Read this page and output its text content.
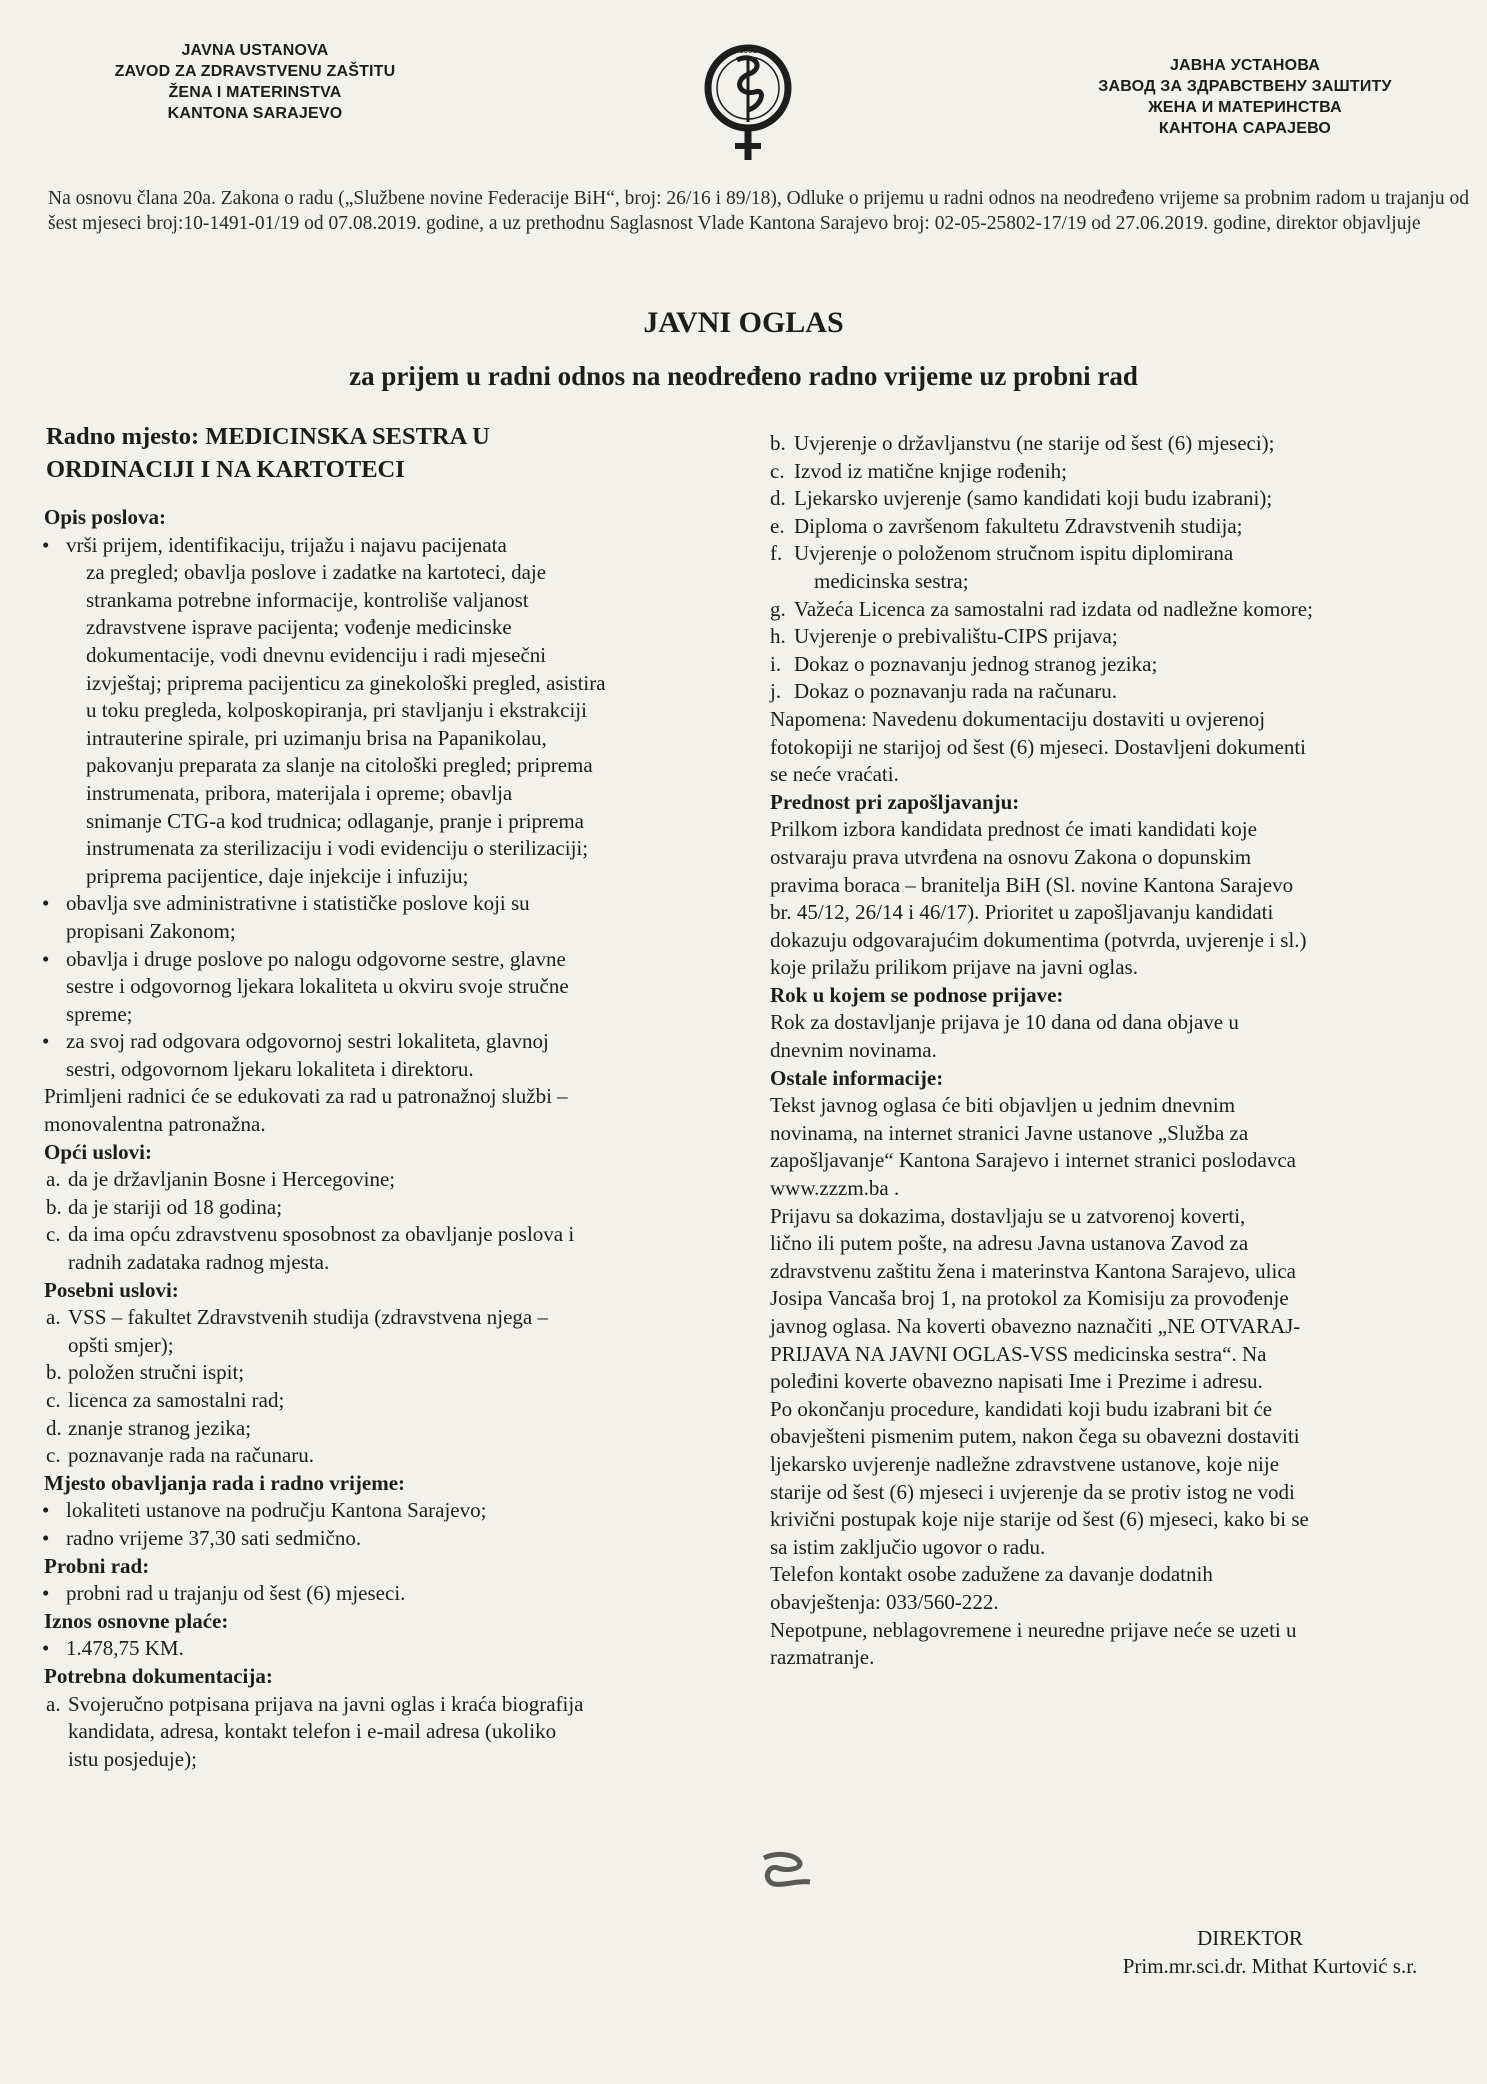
JAVNA USTANOVA
ZAVOD ZA ZDRAVSTVENU ZAŠTITU
ŽENA I MATERINSTVA
KANTONA SARAJEVO
1951
ЈАВНА УСТАНОВА
ЗАВОД ЗА ЗДРАВСТВЕНУ ЗАШТИТУ
ЖЕНА И МАТЕРИНСТВА
КАНТОНА САРАЈЕВО
Na osnovu člana 20a. Zakona o radu („Službene novine Federacije BiH“, broj: 26/16 i 89/18), Odluke o prijemu u radni odnos na neodređeno vrijeme sa probnim radom u trajanju od šest mjeseci broj:10-1491-01/19 od 07.08.2019. godine, a uz prethodnu Saglasnost Vlade Kantona Sarajevo broj: 02-05-25802-17/19 od 27.06.2019. godine, direktor objavljuje
JAVNI OGLAS
za prijem u radni odnos na neodređeno radno vrijeme uz probni rad
Radno mjesto: MEDICINSKA SESTRA U
ORDINACIJI I NA KARTOTECI
Opis poslova:
• vrši prijem, identifikaciju, trijažu i najavu pacijenata
za pregled; obavlja poslove i zadatke na kartoteci, daje
strankama potrebne informacije, kontroliše valjanost
zdravstvene isprave pacijenta; vođenje medicinske
dokumentacije, vodi dnevnu evidenciju i radi mjesečni
izvještaj; priprema pacijenticu za ginekološki pregled, asistira
u toku pregleda, kolposkopiranja, pri stavljanju i ekstrakciji
intrauterine spirale, pri uzimanju brisa na Papanikolau,
pakovanju preparata za slanje na citološki pregled; priprema
instrumenata, pribora, materijala i opreme; obavlja
snimanje CTG-a kod trudnica; odlaganje, pranje i priprema
instrumenata za sterilizaciju i vodi evidenciju o sterilizaciji;
priprema pacijentice, daje injekcije i infuziju;
• obavlja sve administrativne i statističke poslove koji su
propisani Zakonom;
• obavlja i druge poslove po nalogu odgovorne sestre, glavne
sestre i odgovornog ljekara lokaliteta u okviru svoje stručne
spreme;
• za svoj rad odgovara odgovornoj sestri lokaliteta, glavnoj
sestri, odgovornom ljekaru lokaliteta i direktoru.
Primljeni radnici će se edukovati za rad u patronažnoj službi –
monovalentna patronažna.
Opći uslovi:
a. da je državljanin Bosne i Hercegovine;
b. da je stariji od 18 godina;
c. da ima opću zdravstvenu sposobnost za obavljanje poslova i
radnih zadataka radnog mjesta.
Posebni uslovi:
a. VSS – fakultet Zdravstvenih studija (zdravstvena njega –
opšti smjer);
b. položen stručni ispit;
c. licenca za samostalni rad;
d. znanje stranog jezika;
c. poznavanje rada na računaru.
Mjesto obavljanja rada i radno vrijeme:
• lokaliteti ustanove na području Kantona Sarajevo;
• radno vrijeme 37,30 sati sedmično.
Probni rad:
• probni rad u trajanju od šest (6) mjeseci.
Iznos osnovne plaće:
• 1.478,75 KM.
Potrebna dokumentacija:
a. Svojeručno potpisana prijava na javni oglas i kraća biografija
kandidata, adresa, kontakt telefon i e-mail adresa (ukoliko
istu posjeduje);
b. Uvjerenje o državljanstvu (ne starije od šest (6) mjeseci);
c. Izvod iz matične knjige rođenih;
d. Ljekarsko uvjerenje (samo kandidati koji budu izabrani);
e. Diploma o završenom fakultetu Zdravstvenih studija;
f. Uvjerenje o položenom stručnom ispitu diplomirana
medicinska sestra;
g. Važeća Licenca za samostalni rad izdata od nadležne komore;
h. Uvjerenje o prebivalištu-CIPS prijava;
i. Dokaz o poznavanju jednog stranog jezika;
j. Dokaz o poznavanju rada na računaru.
Napomena: Navedenu dokumentaciju dostaviti u ovjerenoj
fotokopiji ne starijoj od šest (6) mjeseci. Dostavljeni dokumenti
se neće vraćati.
Prednost pri zapošljavanju:
Prilkom izbora kandidata prednost će imati kandidati koje
ostvaraju prava utvrđena na osnovu Zakona o dopunskim
pravima boraca – branitelja BiH (Sl. novine Kantona Sarajevo
br. 45/12, 26/14 i 46/17). Prioritet u zapošljavanju kandidati
dokazuju odgovarajućim dokumentima (potvrda, uvjerenje i sl.)
koje prilažu prilikom prijave na javni oglas.
Rok u kojem se podnose prijave:
Rok za dostavljanje prijava je 10 dana od dana objave u
dnevnim novinama.
Ostale informacije:
Tekst javnog oglasa će biti objavljen u jednim dnevnim
novinama, na internet stranici Javne ustanove „Služba za
zapošljavanje“ Kantona Sarajevo i internet stranici poslodavca
www.zzzm.ba .
Prijavu sa dokazima, dostavljaju se u zatvorenoj koverti,
lično ili putem pošte, na adresu Javna ustanova Zavod za
zdravstvenu zaštitu žena i materinstva Kantona Sarajevo, ulica
Josipa Vancaša broj 1, na protokol za Komisiju za provođenje
javnog oglasa. Na koverti obavezno naznačiti „NE OTVARAJ-
PRIJAVA NA JAVNI OGLAS-VSS medicinska sestra“. Na
poleđini koverte obavezno napisati Ime i Prezime i adresu.
Po okončanju procedure, kandidati koji budu izabrani bit će
obavješteni pismenim putem, nakon čega su obavezni dostaviti
ljekarsko uvjerenje nadležne zdravstvene ustanove, koje nije
starije od šest (6) mjeseci i uvjerenje da se protiv istog ne vodi
krivični postupak koje nije starije od šest (6) mjeseci, kako bi se
sa istim zaključio ugovor o radu.
Telefon kontakt osobe zadužene za davanje dodatnih
obavještenja: 033/560-222.
Nepotpune, neblagovremene i neuredne prijave neće se uzeti u
razmatranje.
DIREKTOR
Prim.mr.sci.dr. Mithat Kurtović s.r.
